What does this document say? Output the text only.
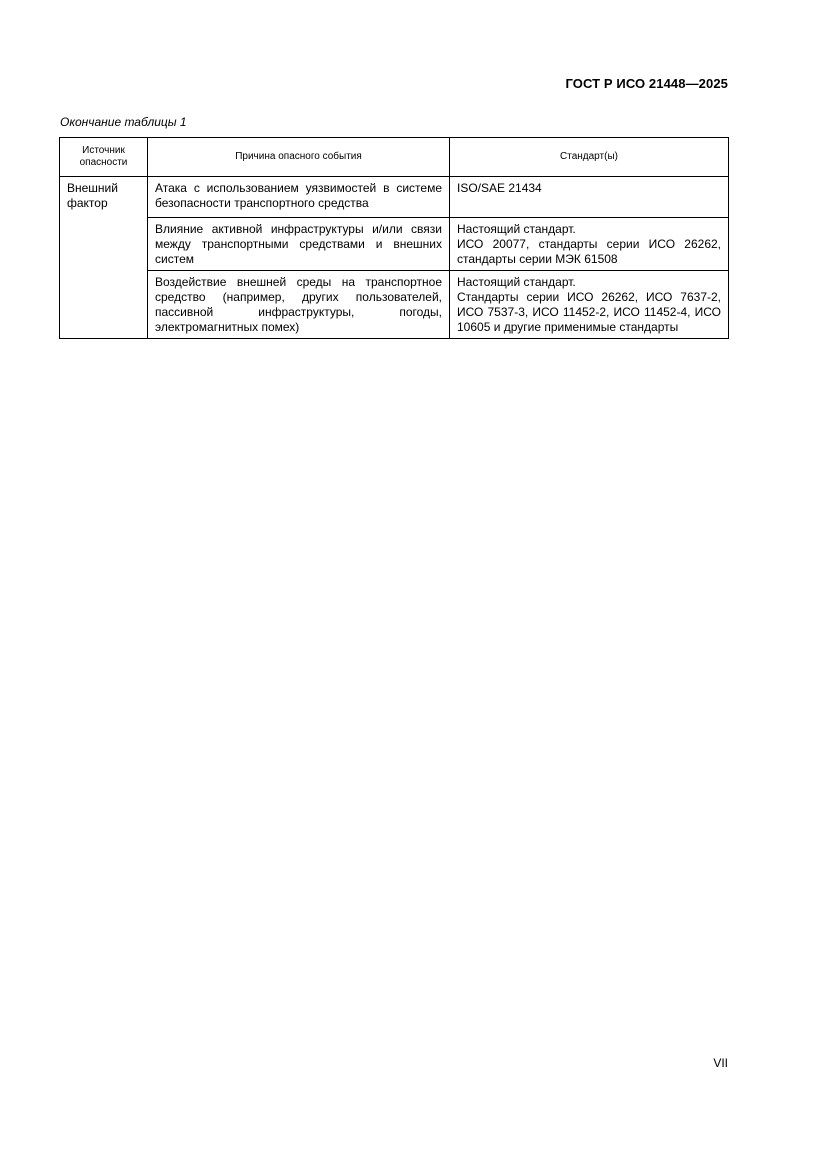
ГОСТ Р ИСО 21448—2025
Окончание таблицы 1
Источник
опасности	Причина опасного события	Стандарт(ы)

Внешний
фактор	Атака с использованием уязвимостей в системе безопасности транспортного средства	ISO/SAE 21434

	Влияние активной инфраструктуры и/или связи между транспортными средствами и внешних систем	Настоящий стандарт.
ИСО 20077, стандарты серии ИСО 26262, стандарты серии МЭК 61508

	Воздействие внешней среды на транспортное средство (например, других пользователей, пассивной инфраструктуры, погоды, электромагнитных помех)	Настоящий стандарт.
Стандарты серии ИСО 26262, ИСО 7637-2, ИСО 7537-3, ИСО 11452-2, ИСО 11452-4, ИСО 10605 и другие применимые стандарты
VII
